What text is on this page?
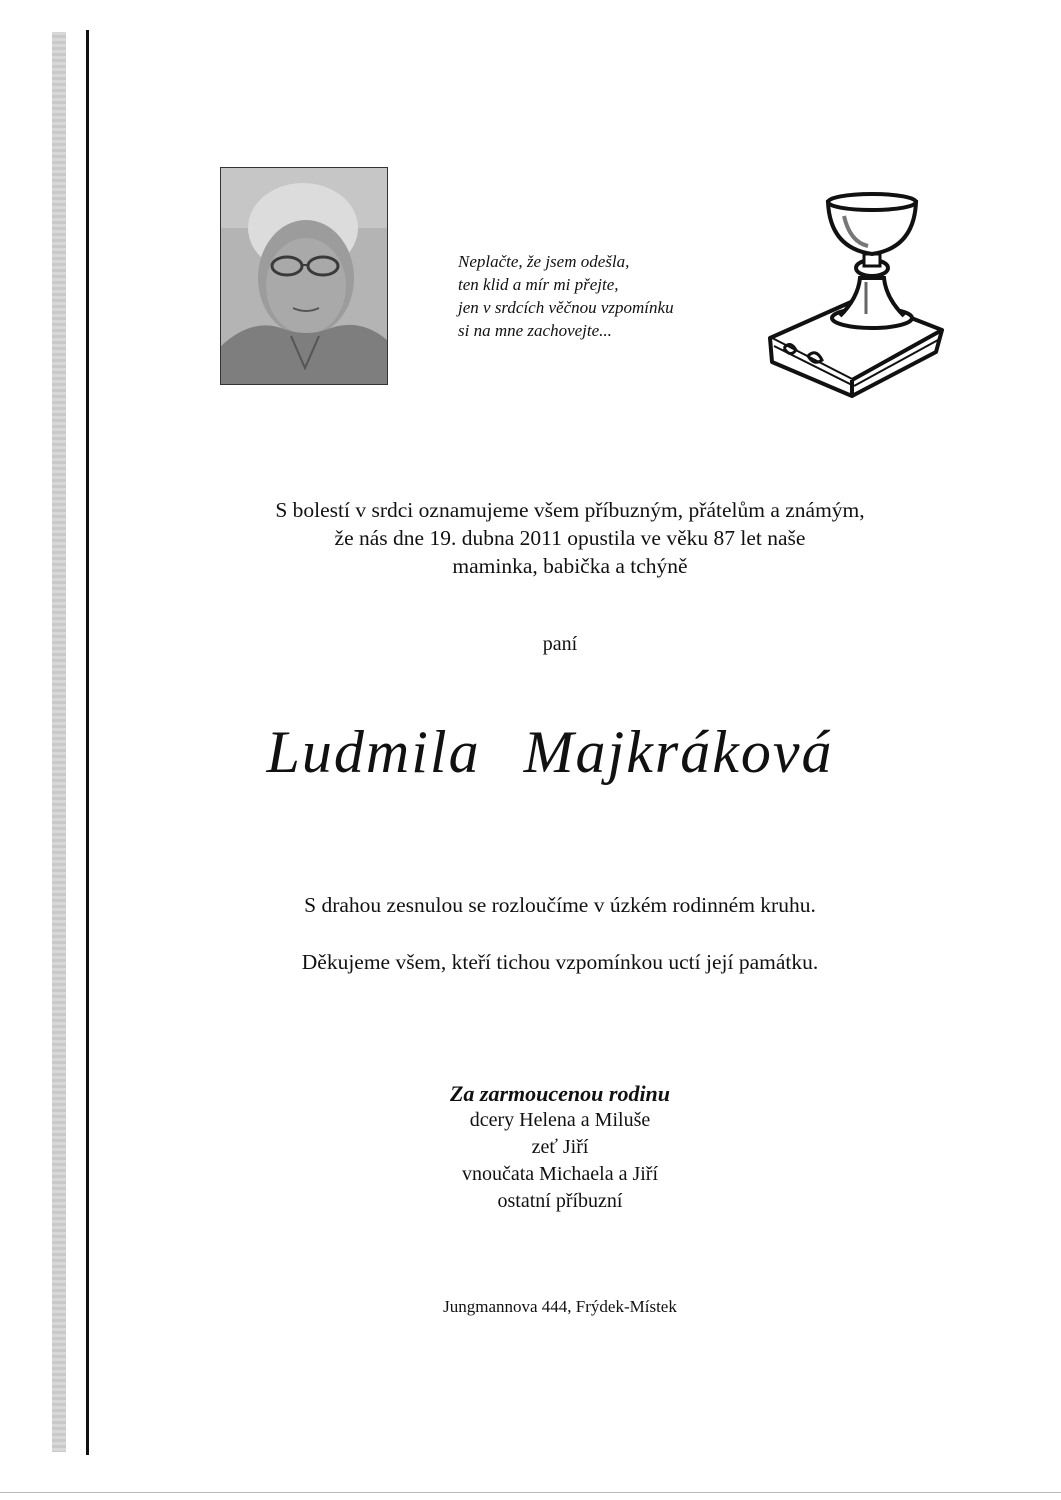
Neplačte, že jsem odešla,
ten klid a mír mi přejte,
jen v srdcích věčnou vzpomínku
si na mne zachovejte...
S bolestí v srdci oznamujeme všem příbuzným, přátelům a známým,
že nás dne 19. dubna 2011 opustila ve věku 87 let naše
maminka, babička a tchýně
paní
Ludmila Majkráková
S drahou zesnulou se rozloučíme v úzkém rodinném kruhu.
Děkujeme všem, kteří tichou vzpomínkou uctí její památku.
Za zarmoucenou rodinu
dcery Helena a Miluše
zeť Jiří
vnoučata Michaela a Jiří
ostatní příbuzní
Jungmannova 444, Frýdek-Místek
